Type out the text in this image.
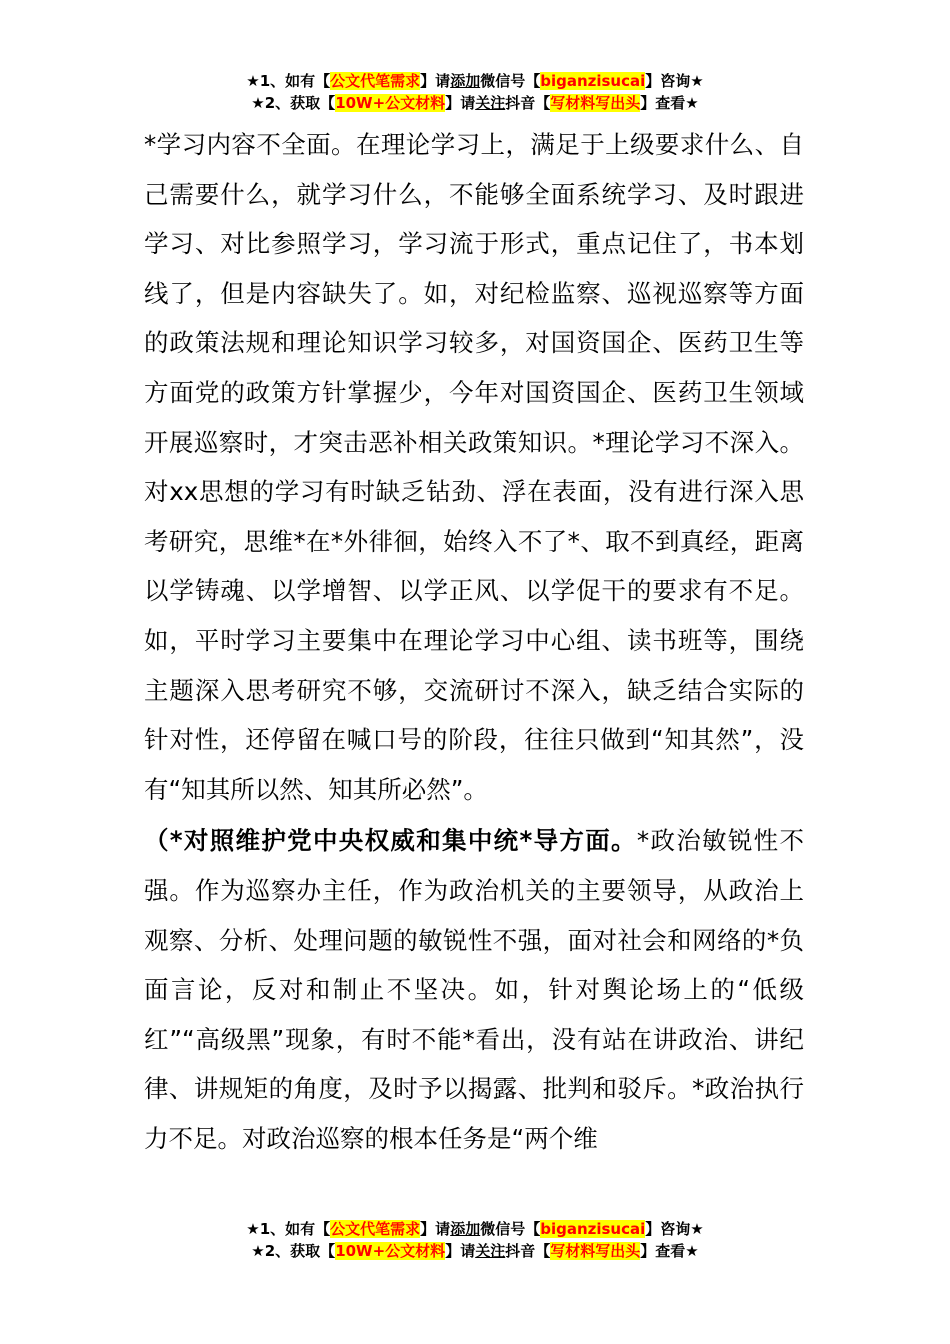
★1、如有【公文代笔需求】请添加微信号【biganzisucai】咨询★
★2、获取【10W+公文材料】请关注抖音【写材料写出头】查看★

*学习内容不全面。在理论学习上，满足于上级要求什么、自己需要什么，就学习什么，不能够全面系统学习、及时跟进学习、对比参照学习，学习流于形式，重点记住了，书本划线了，但是内容缺失了。如，对纪检监察、巡视巡察等方面的政策法规和理论知识学习较多，对国资国企、医药卫生等方面党的政策方针掌握少，今年对国资国企、医药卫生领域开展巡察时，才突击恶补相关政策知识。*理论学习不深入。对xx思想的学习有时缺乏钻劲、浮在表面，没有进行深入思考研究，思维*在*外徘徊，始终入不了*、取不到真经，距离以学铸魂、以学增智、以学正风、以学促干的要求有不足。如，平时学习主要集中在理论学习中心组、读书班等，围绕主题深入思考研究不够，交流研讨不深入，缺乏结合实际的针对性，还停留在喊口号的阶段，往往只做到“知其然”，没有“知其所以然、知其所必然”。

（*对照维护党中央权威和集中统*导方面。*政治敏锐性不强。作为巡察办主任，作为政治机关的主要领导，从政治上观察、分析、处理问题的敏锐性不强，面对社会和网络的*负面言论，反对和制止不坚决。如，针对舆论场上的“低级红”“高级黑”现象，有时不能*看出，没有站在讲政治、讲纪律、讲规矩的角度，及时予以揭露、批判和驳斥。*政治执行力不足。对政治巡察的根本任务是“两个维

★1、如有【公文代笔需求】请添加微信号【biganzisucai】咨询★
★2、获取【10W+公文材料】请关注抖音【写材料写出头】查看★
